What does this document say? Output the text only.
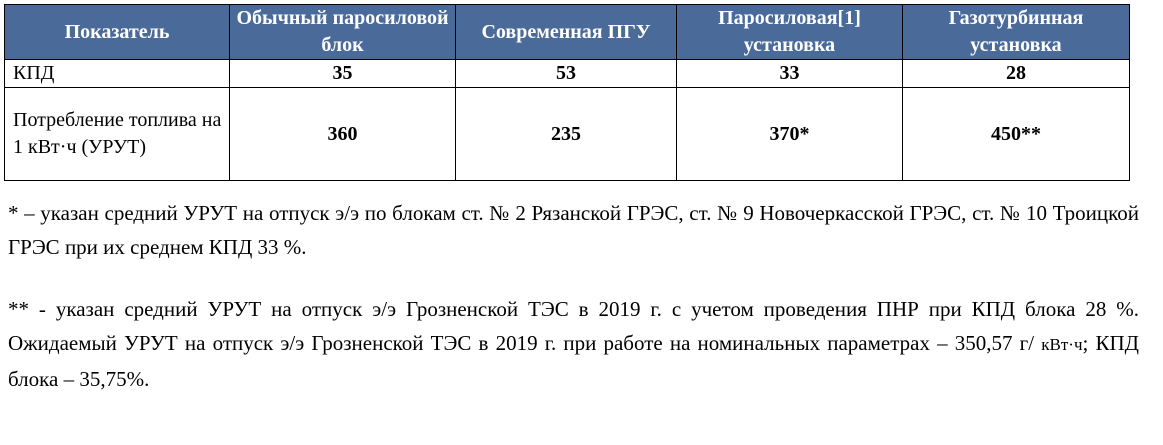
Показатель	Обычный паросиловой блок	Современная ПГУ	Паросиловая[1] установка	Газотурбинная установка
КПД	35	53	33	28
Потребление топлива на 1 кВт·ч (УРУТ)	360	235	370*	450**
* – указан средний УРУТ на отпуск э/э по блокам ст. № 2 Рязанской ГРЭС, ст. № 9 Новочеркасской ГРЭС, ст. № 10 Троицкой ГРЭС при их среднем КПД 33 %.
** - указан средний УРУТ на отпуск э/э Грозненской ТЭС в 2019 г. с учетом проведения ПНР при КПД блока 28 %. Ожидаемый УРУТ на отпуск э/э Грозненской ТЭС в 2019 г. при работе на номинальных параметрах – 350,57 г/ кВт·ч; КПД блока – 35,75%.
